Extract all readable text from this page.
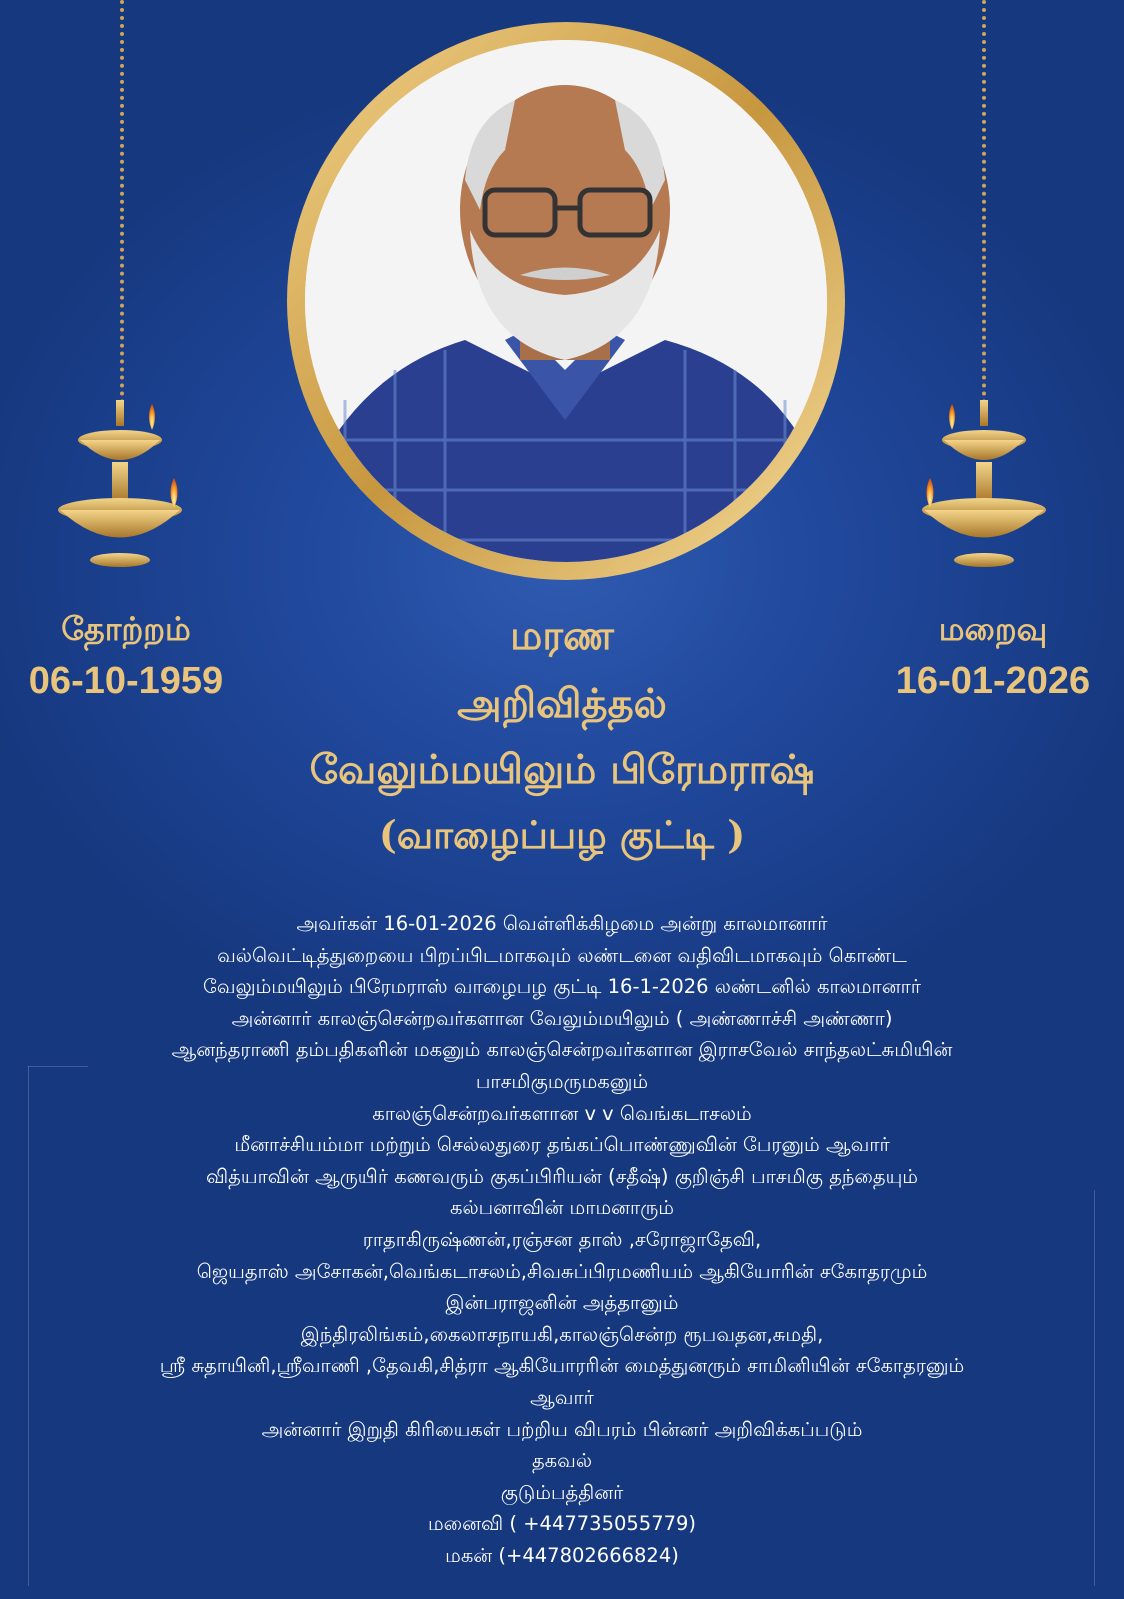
தோற்றம்
06-10-1959
மறைவு
16-01-2026
மரண
அறிவித்தல்
வேலும்மயிலும் பிரேமராஷ்
(வாழைப்பழ குட்டி )
அவர்கள் 16-01-2026 வெள்ளிக்கிழமை அன்று காலமானார்
வல்வெட்டித்துறையை பிறப்பிடமாகவும் லண்டனை வதிவிடமாகவும் கொண்ட
வேலும்மயிலும் பிரேமராஸ் வாழைபழ குட்டி 16-1-2026 லண்டனில் காலமானார்
அன்னார் காலஞ்சென்றவர்களான வேலும்மயிலும் ( அண்ணாச்சி அண்ணா)
ஆனந்தராணி தம்பதிகளின் மகனும் காலஞ்சென்றவர்களான இராசவேல் சாந்தலட்சுமியின்
பாசமிகுமருமகனும்
காலஞ்சென்றவர்களான v v வெங்கடாசலம்
மீனாச்சியம்மா மற்றும் செல்லதுரை தங்கப்பொண்ணுவின் பேரனும் ஆவார்
வித்யாவின் ஆருயிர் கணவரும் குகப்பிரியன் (சதீஷ்) குறிஞ்சி பாசமிகு தந்தையும்
கல்பனாவின் மாமனாரும்
ராதாகிருஷ்ணன்,ரஞ்சன தாஸ் ,சரோஜாதேவி,
ஜெயதாஸ் அசோகன்,வெங்கடாசலம்,சிவசுப்பிரமணியம் ஆகியோரின் சகோதரமும்
இன்பராஜனின் அத்தானும்
இந்திரலிங்கம்,கைலாசநாயகி,காலஞ்சென்ற ரூபவதன,சுமதி,
ஸ்ரீ சுதாயினி,ஸ்ரீவாணி ,தேவகி,சித்ரா ஆகியோரரின் மைத்துனரும் சாமினியின் சகோதரனும்
ஆவார்
அன்னார் இறுதி கிரியைகள் பற்றிய விபரம் பின்னர் அறிவிக்கப்படும்
தகவல்
குடும்பத்தினர்
மனைவி ( +447735055779)
மகன் (+447802666824)
